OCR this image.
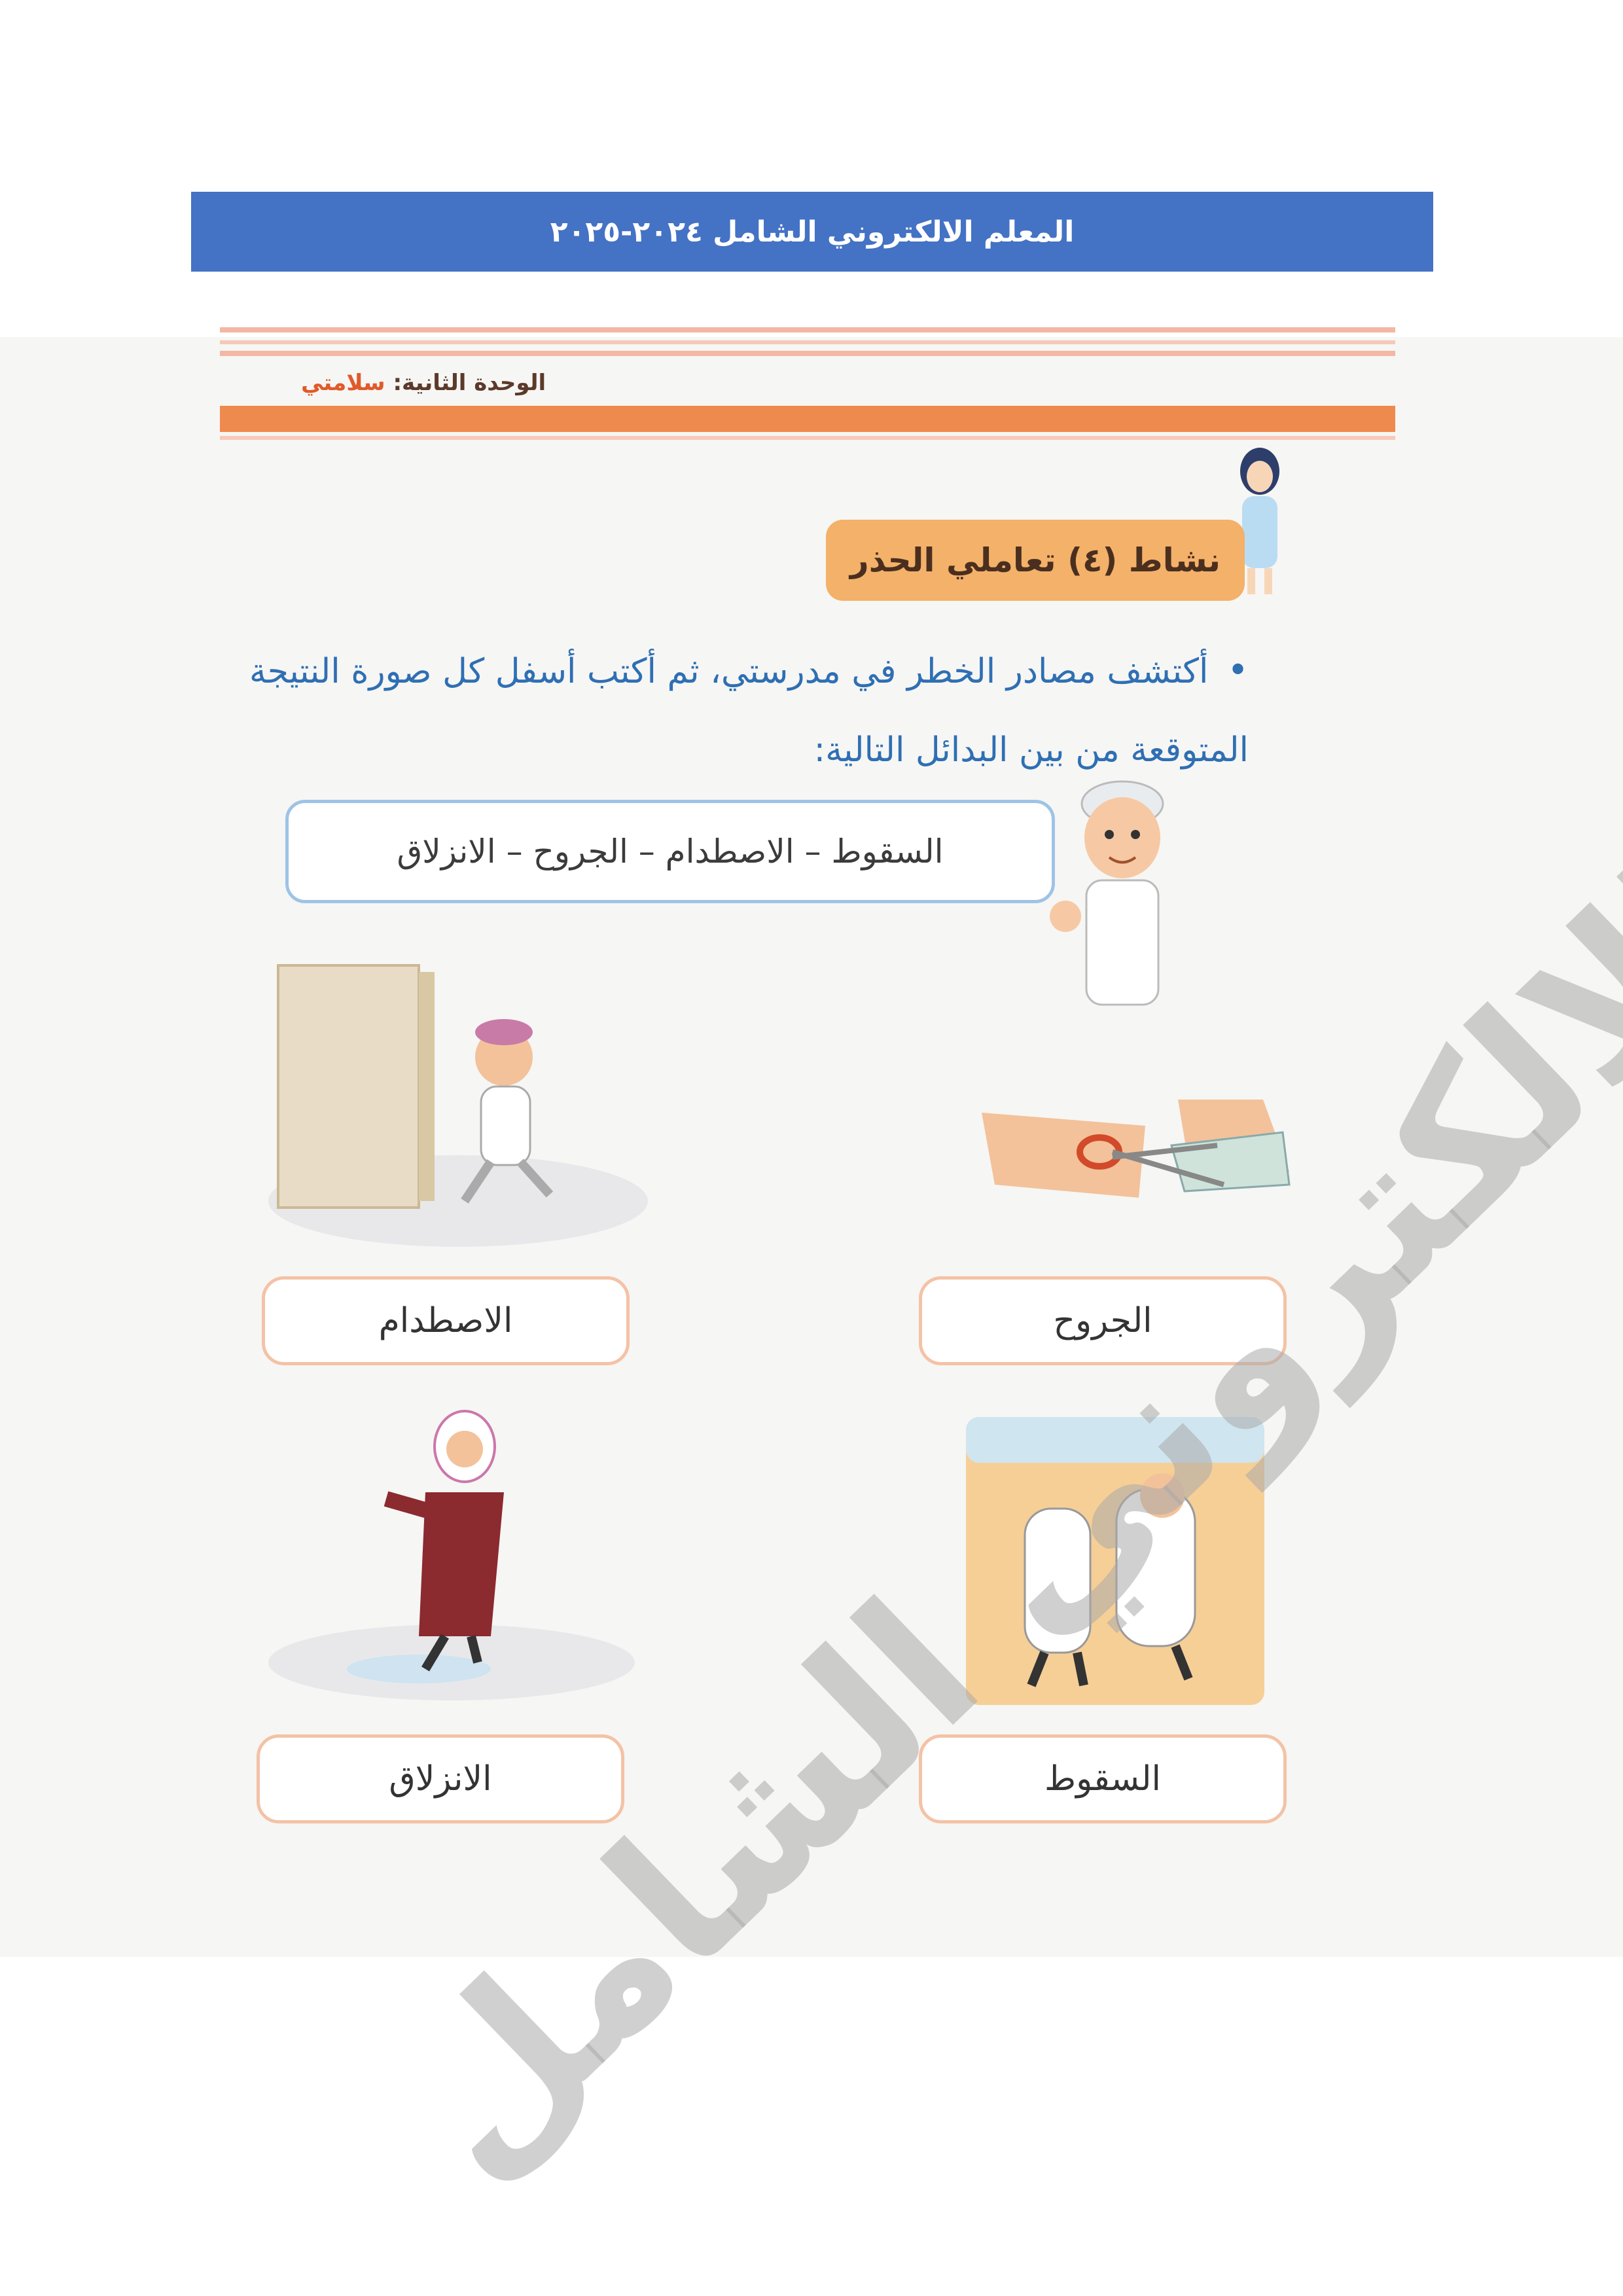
المعلم الالكتروني الشامل ٢٠٢٤-٢٠٢٥
الوحدة الثانية: سلامتي
نشاط (٤) تعاملي الحذر
• أكتشف مصادر الخطر في مدرستي، ثم أكتب أسفل كل صورة النتيجة المتوقعة من بين البدائل التالية:
السقوط – الاصطدام – الجروح – الانزلاق
الجروح
الاصطدام
السقوط
الانزلاق
الالكتروني الشامل
